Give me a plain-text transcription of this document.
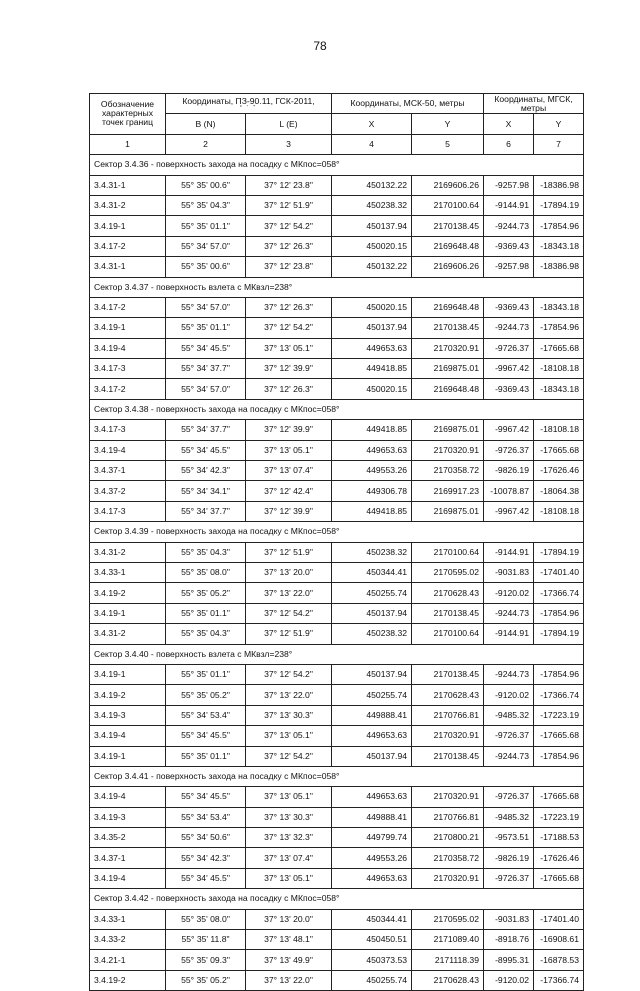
78
Обозначение характерных точек границ	Координаты, ПЗ-90.11, ГСК-2011,
° ' "		Координаты, МСК-50, метры		Координаты, МГСК, метры	
	B (N)	L (E)	X	Y	X	Y
1	2	3	4	5	6	7
Сектор 3.4.36 - поверхность захода на посадку с МКпос=058°						
3.4.31-1	55° 35' 00.6"	37° 12' 23.8"	450132.22	2169606.26	-9257.98	-18386.98
3.4.31-2	55° 35' 04.3"	37° 12' 51.9"	450238.32	2170100.64	-9144.91	-17894.19
3.4.19-1	55° 35' 01.1"	37° 12' 54.2"	450137.94	2170138.45	-9244.73	-17854.96
3.4.17-2	55° 34' 57.0"	37° 12' 26.3"	450020.15	2169648.48	-9369.43	-18343.18
3.4.31-1	55° 35' 00.6"	37° 12' 23.8"	450132.22	2169606.26	-9257.98	-18386.98
Сектор 3.4.37 - поверхность взлета с МКвзл=238°						
3.4.17-2	55° 34' 57.0"	37° 12' 26.3"	450020.15	2169648.48	-9369.43	-18343.18
3.4.19-1	55° 35' 01.1"	37° 12' 54.2"	450137.94	2170138.45	-9244.73	-17854.96
3.4.19-4	55° 34' 45.5"	37° 13' 05.1"	449653.63	2170320.91	-9726.37	-17665.68
3.4.17-3	55° 34' 37.7"	37° 12' 39.9"	449418.85	2169875.01	-9967.42	-18108.18
3.4.17-2	55° 34' 57.0"	37° 12' 26.3"	450020.15	2169648.48	-9369.43	-18343.18
Сектор 3.4.38 - поверхность захода на посадку с МКпос=058°						
3.4.17-3	55° 34' 37.7"	37° 12' 39.9"	449418.85	2169875.01	-9967.42	-18108.18
3.4.19-4	55° 34' 45.5"	37° 13' 05.1"	449653.63	2170320.91	-9726.37	-17665.68
3.4.37-1	55° 34' 42.3"	37° 13' 07.4"	449553.26	2170358.72	-9826.19	-17626.46
3.4.37-2	55° 34' 34.1"	37° 12' 42.4"	449306.78	2169917.23	-10078.87	-18064.38
3.4.17-3	55° 34' 37.7"	37° 12' 39.9"	449418.85	2169875.01	-9967.42	-18108.18
Сектор 3.4.39 - поверхность захода на посадку с МКпос=058°						
3.4.31-2	55° 35' 04.3"	37° 12' 51.9"	450238.32	2170100.64	-9144.91	-17894.19
3.4.33-1	55° 35' 08.0"	37° 13' 20.0"	450344.41	2170595.02	-9031.83	-17401.40
3.4.19-2	55° 35' 05.2"	37° 13' 22.0"	450255.74	2170628.43	-9120.02	-17366.74
3.4.19-1	55° 35' 01.1"	37° 12' 54.2"	450137.94	2170138.45	-9244.73	-17854.96
3.4.31-2	55° 35' 04.3"	37° 12' 51.9"	450238.32	2170100.64	-9144.91	-17894.19
Сектор 3.4.40 - поверхность взлета с МКвзл=238°						
3.4.19-1	55° 35' 01.1"	37° 12' 54.2"	450137.94	2170138.45	-9244.73	-17854.96
3.4.19-2	55° 35' 05.2"	37° 13' 22.0"	450255.74	2170628.43	-9120.02	-17366.74
3.4.19-3	55° 34' 53.4"	37° 13' 30.3"	449888.41	2170766.81	-9485.32	-17223.19
3.4.19-4	55° 34' 45.5"	37° 13' 05.1"	449653.63	2170320.91	-9726.37	-17665.68
3.4.19-1	55° 35' 01.1"	37° 12' 54.2"	450137.94	2170138.45	-9244.73	-17854.96
Сектор 3.4.41 - поверхность захода на посадку с МКпос=058°						
3.4.19-4	55° 34' 45.5"	37° 13' 05.1"	449653.63	2170320.91	-9726.37	-17665.68
3.4.19-3	55° 34' 53.4"	37° 13' 30.3"	449888.41	2170766.81	-9485.32	-17223.19
3.4.35-2	55° 34' 50.6"	37° 13' 32.3"	449799.74	2170800.21	-9573.51	-17188.53
3.4.37-1	55° 34' 42.3"	37° 13' 07.4"	449553.26	2170358.72	-9826.19	-17626.46
3.4.19-4	55° 34' 45.5"	37° 13' 05.1"	449653.63	2170320.91	-9726.37	-17665.68
Сектор 3.4.42 - поверхность захода на посадку с МКпос=058°						
3.4.33-1	55° 35' 08.0"	37° 13' 20.0"	450344.41	2170595.02	-9031.83	-17401.40
3.4.33-2	55° 35' 11.8"	37° 13' 48.1"	450450.51	2171089.40	-8918.76	-16908.61
3.4.21-1	55° 35' 09.3"	37° 13' 49.9"	450373.53	2171118.39	-8995.31	-16878.53
3.4.19-2	55° 35' 05.2"	37° 13' 22.0"	450255.74	2170628.43	-9120.02	-17366.74
